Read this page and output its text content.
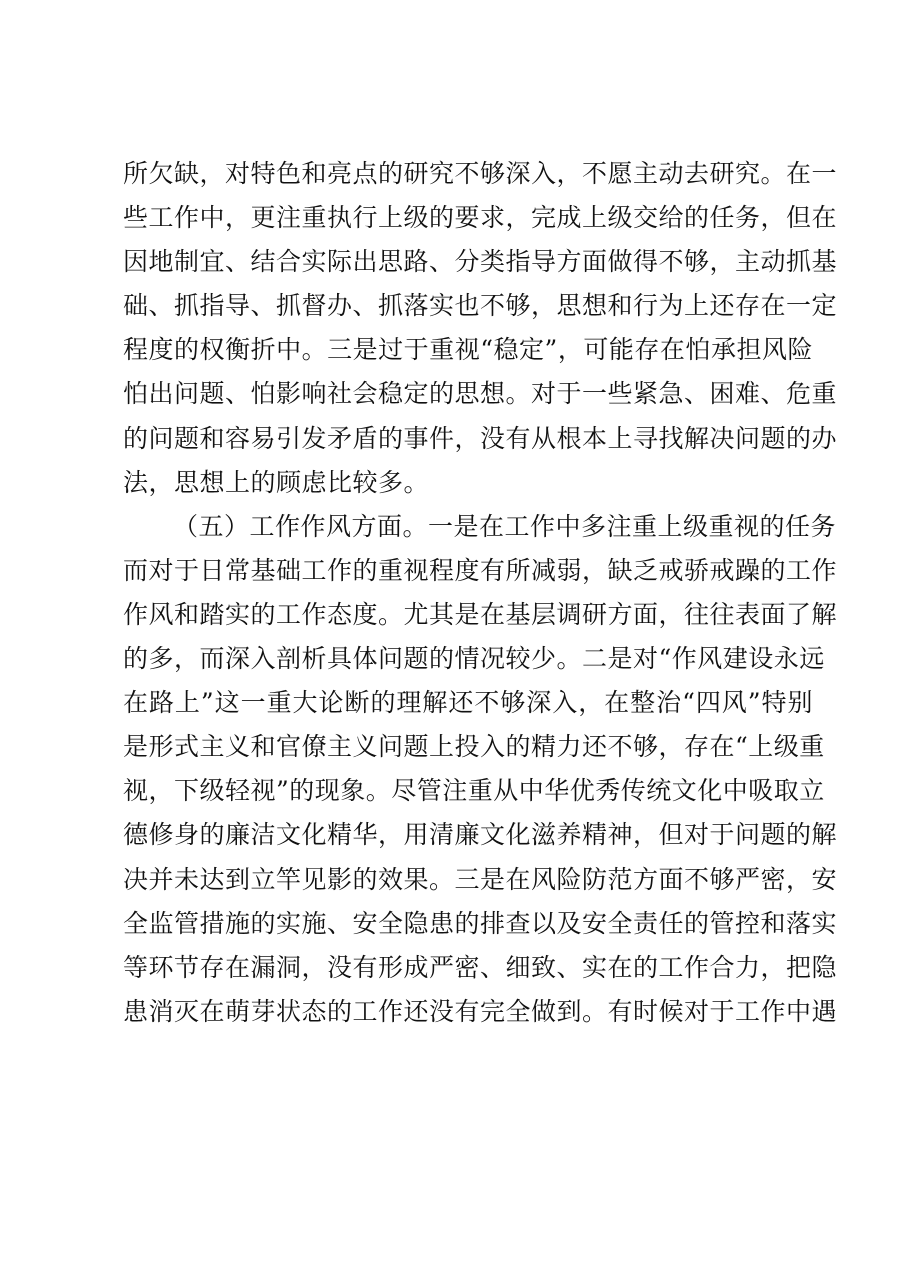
所欠缺，对特色和亮点的研究不够深入，不愿主动去研究。在一
些工作中，更注重执行上级的要求，完成上级交给的任务，但在
因地制宜、结合实际出思路、分类指导方面做得不够，主动抓基
础、抓指导、抓督办、抓落实也不够，思想和行为上还存在一定
程度的权衡折中。三是过于重视“稳定”，可能存在怕承担风险
怕出问题、怕影响社会稳定的思想。对于一些紧急、困难、危重
的问题和容易引发矛盾的事件，没有从根本上寻找解决问题的办
法，思想上的顾虑比较多。
（五）工作作风方面。一是在工作中多注重上级重视的任务
而对于日常基础工作的重视程度有所减弱，缺乏戒骄戒躁的工作
作风和踏实的工作态度。尤其是在基层调研方面，往往表面了解
的多，而深入剖析具体问题的情况较少。二是对“作风建设永远
在路上”这一重大论断的理解还不够深入，在整治“四风”特别
是形式主义和官僚主义问题上投入的精力还不够，存在“上级重
视，下级轻视”的现象。尽管注重从中华优秀传统文化中吸取立
德修身的廉洁文化精华，用清廉文化滋养精神，但对于问题的解
决并未达到立竿见影的效果。三是在风险防范方面不够严密，安
全监管措施的实施、安全隐患的排查以及安全责任的管控和落实
等环节存在漏洞，没有形成严密、细致、实在的工作合力，把隐
患消灭在萌芽状态的工作还没有完全做到。有时候对于工作中遇
